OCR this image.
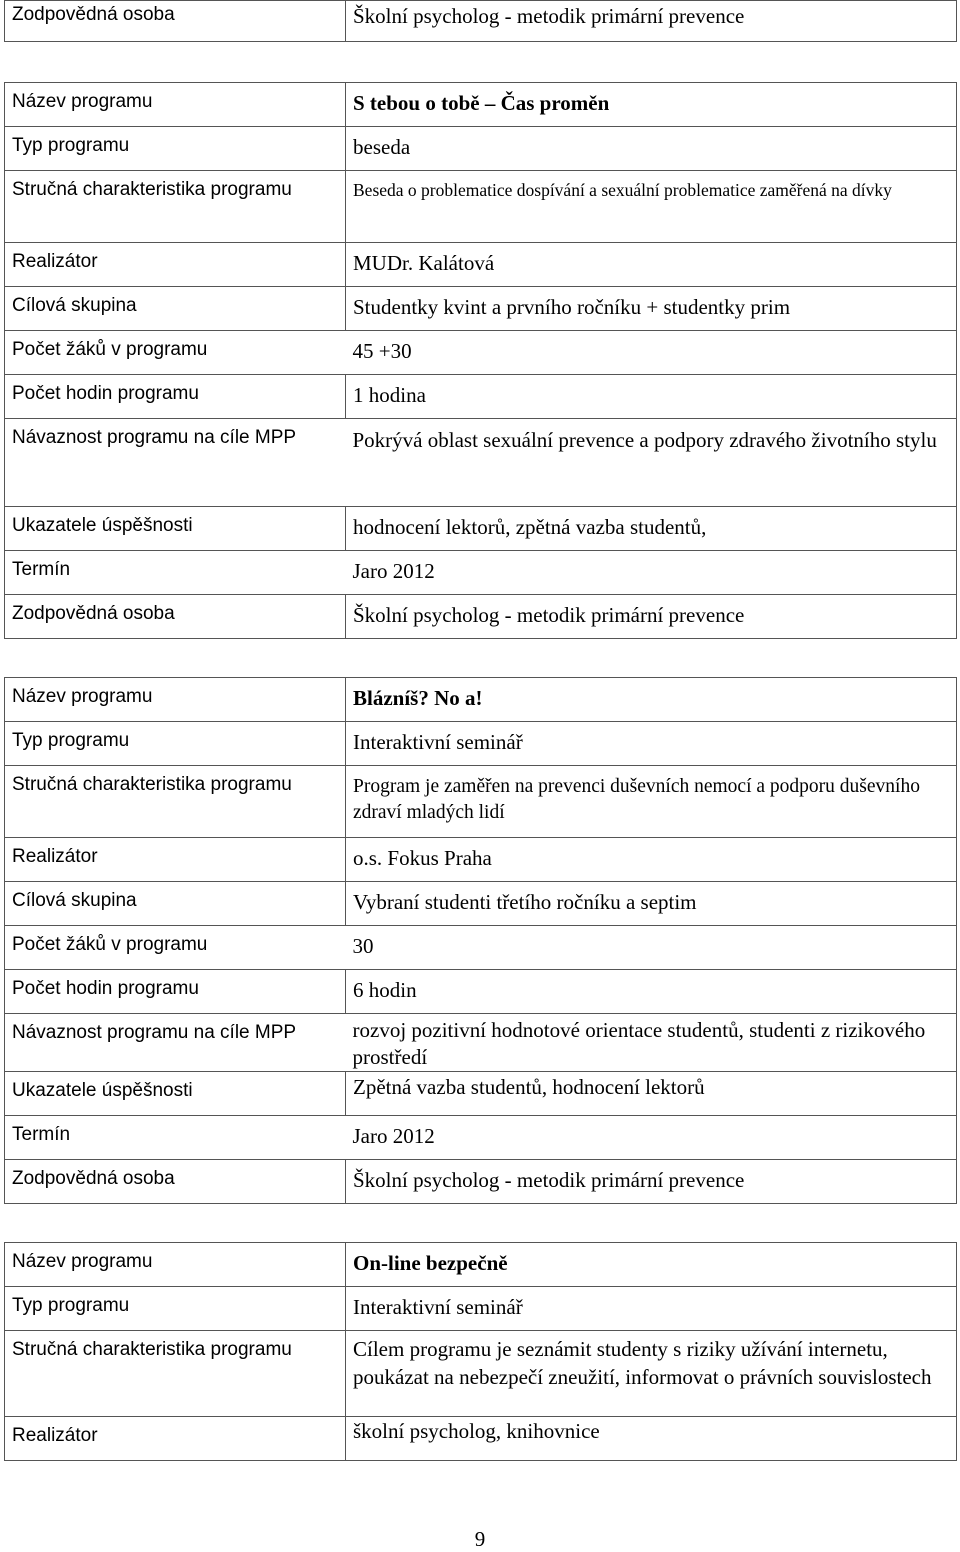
Zodpovědná osoba	Školní psycholog - metodik primární prevence
Název programu	S tebou o tobě – Čas proměn
Typ programu	beseda
Stručná charakteristika programu	Beseda o problematice dospívání a sexuální problematice zaměřená na dívky
Realizátor	MUDr. Kalátová
Cílová skupina	Studentky kvint a prvního ročníku + studentky prim
Počet žáků v programu	45 +30
Počet hodin programu	1 hodina
Návaznost programu na cíle MPP	Pokrývá oblast sexuální prevence a podpory zdravého životního stylu
Ukazatele úspěšnosti	hodnocení lektorů, zpětná vazba studentů,
Termín	Jaro 2012
Zodpovědná osoba	Školní psycholog - metodik primární prevence
Název programu	Blázníš? No a!
Typ programu	Interaktivní seminář
Stručná charakteristika programu	Program je zaměřen na prevenci duševních nemocí a podporu duševního zdraví mladých lidí
Realizátor	o.s. Fokus Praha
Cílová skupina	Vybraní studenti třetího ročníku a septim
Počet žáků v programu	30
Počet hodin programu	6 hodin
Návaznost programu na cíle MPP	rozvoj pozitivní hodnotové orientace studentů, studenti z rizikového prostředí
Ukazatele úspěšnosti	Zpětná vazba studentů, hodnocení lektorů
Termín	Jaro 2012
Zodpovědná osoba	Školní psycholog - metodik primární prevence
Název programu	On-line bezpečně
Typ programu	Interaktivní seminář
Stručná charakteristika programu	Cílem programu je seznámit studenty s riziky užívání internetu, poukázat na nebezpečí zneužití, informovat o právních souvislostech
Realizátor	školní psycholog, knihovnice
9
